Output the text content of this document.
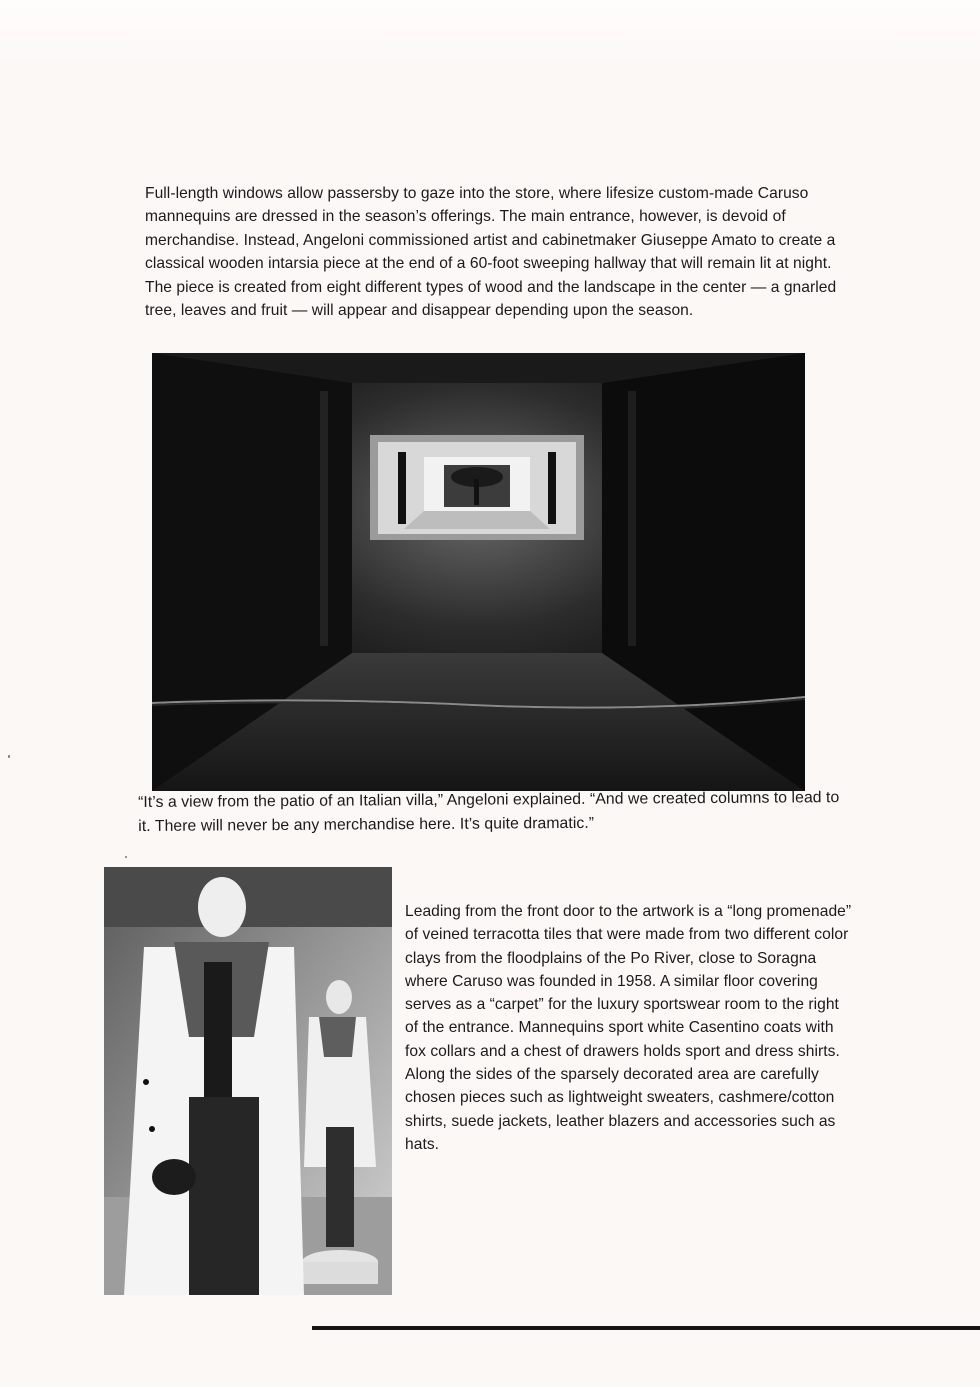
Full-length windows allow passersby to gaze into the store, where lifesize custom-made Caruso mannequins are dressed in the season’s offerings. The main entrance, however, is devoid of merchandise. Instead, Angeloni commissioned artist and cabinetmaker Giuseppe Amato to create a classical wooden intarsia piece at the end of a 60-foot sweeping hallway that will remain lit at night. The piece is created from eight different types of wood and the landscape in the center — a gnarled tree, leaves and fruit — will appear and disappear depending upon the season.

“It’s a view from the patio of an Italian villa,” Angeloni explained. “And we created columns to lead to it. There will never be any merchandise here. It’s quite dramatic.”

Leading from the front door to the artwork is a “long promenade” of veined terracotta tiles that were made from two different color clays from the floodplains of the Po River, close to Soragna where Caruso was founded in 1958. A similar floor covering serves as a “carpet” for the luxury sportswear room to the right of the entrance. Mannequins sport white Casentino coats with fox collars and a chest of drawers holds sport and dress shirts. Along the sides of the sparsely decorated area are carefully chosen pieces such as lightweight sweaters, cashmere/cotton shirts, suede jackets, leather blazers and accessories such as hats.
